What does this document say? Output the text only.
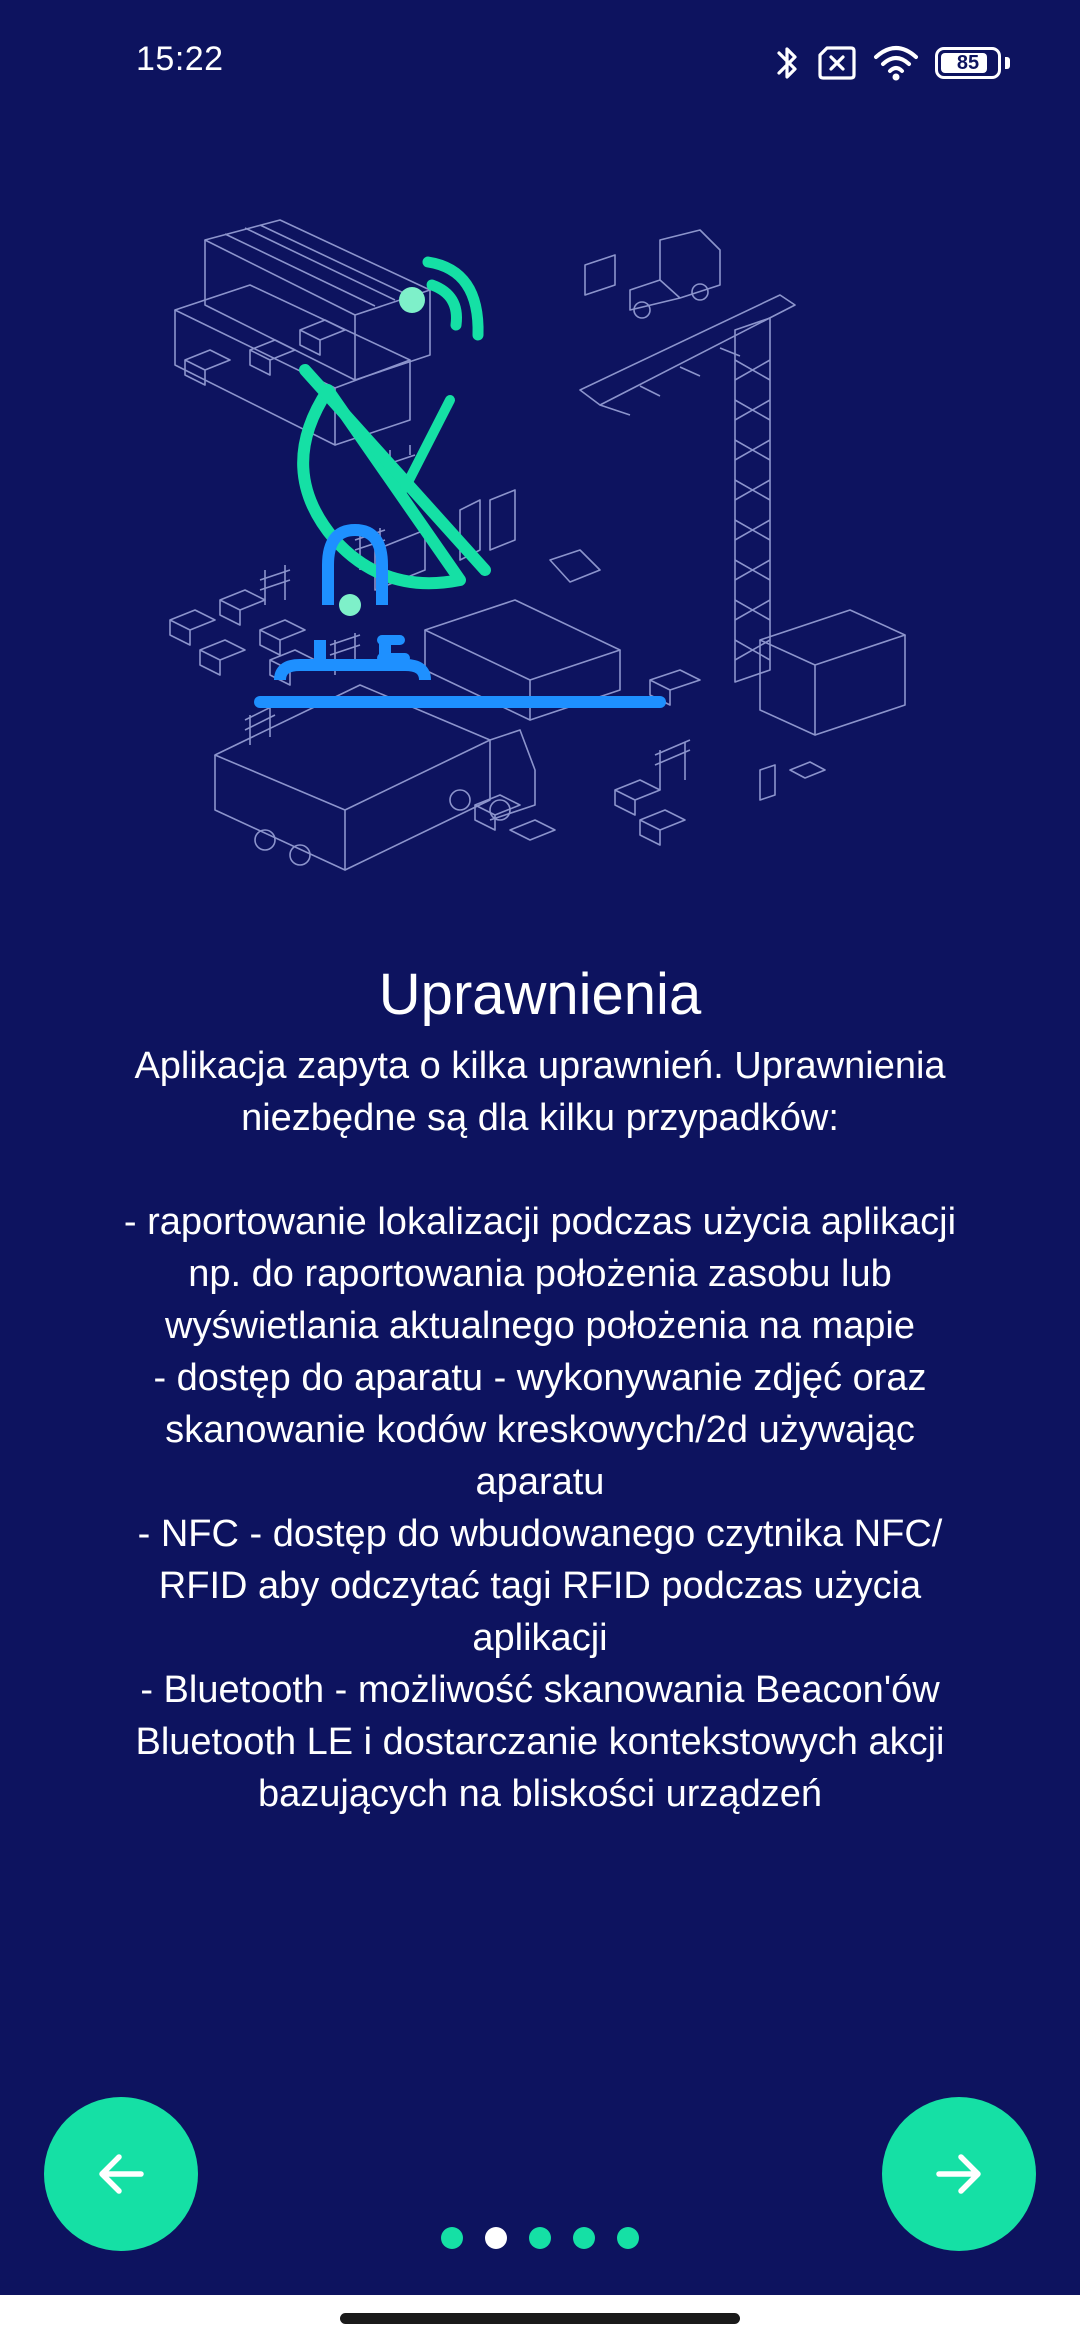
15:22	85
Uprawnienia

Aplikacja zapyta o kilka uprawnień. Uprawnienia
niezbędne są dla kilku przypadków:

- raportowanie lokalizacji podczas użycia aplikacji
np. do raportowania położenia zasobu lub
wyświetlania aktualnego położenia na mapie
- dostęp do aparatu - wykonywanie zdjęć oraz
skanowanie kodów kreskowych/2d używając
aparatu
- NFC - dostęp do wbudowanego czytnika NFC/
RFID aby odczytać tagi RFID podczas użycia
aplikacji
- Bluetooth - możliwość skanowania Beacon'ów
Bluetooth LE i dostarczanie kontekstowych akcji
bazujących na bliskości urządzeń
